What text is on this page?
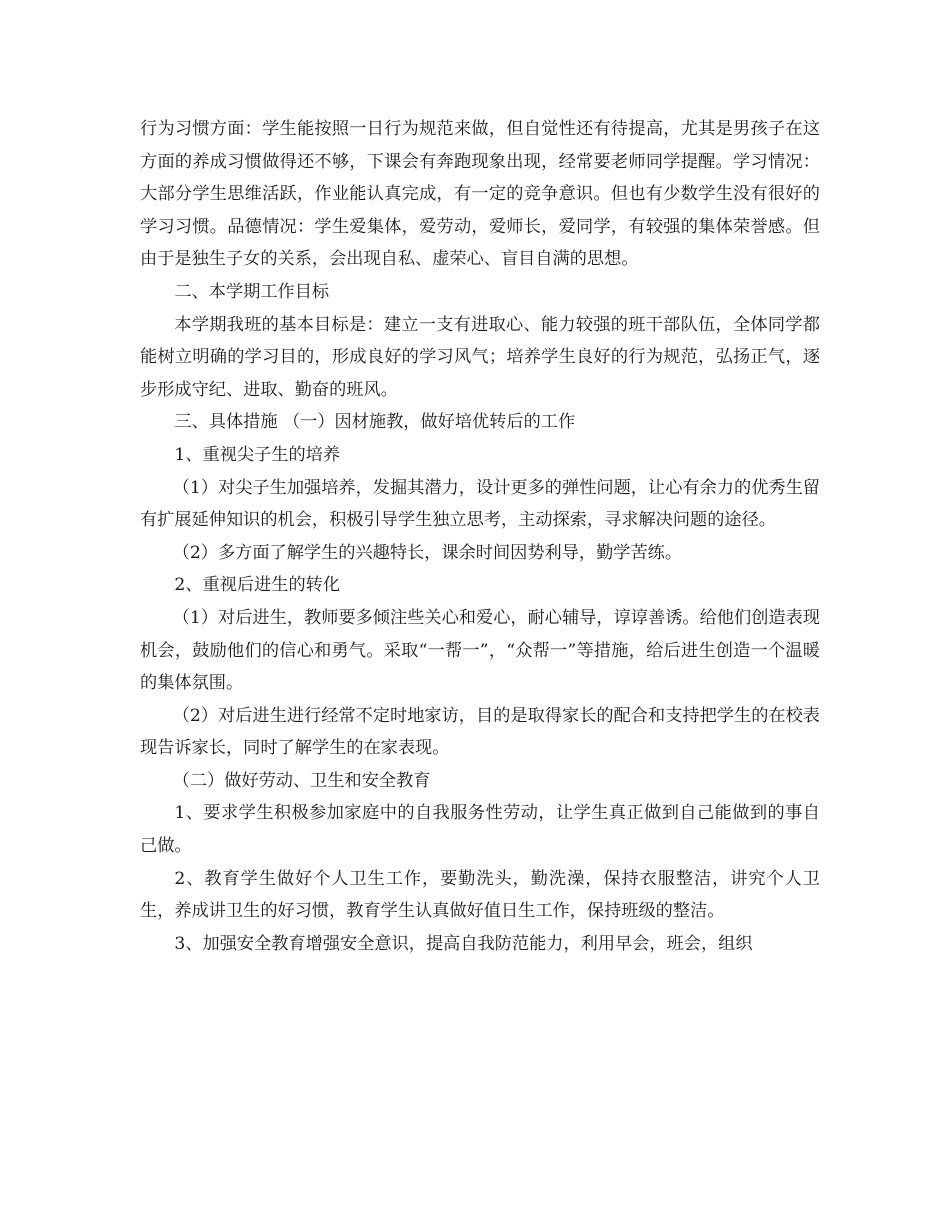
行为习惯方面：学生能按照一日行为规范来做，但自觉性还有待提高，尤其是男孩子在这方面的养成习惯做得还不够，下课会有奔跑现象出现，经常要老师同学提醒。学习情况：大部分学生思维活跃，作业能认真完成，有一定的竞争意识。但也有少数学生没有很好的学习习惯。品德情况：学生爱集体，爱劳动，爱师长，爱同学，有较强的集体荣誉感。但由于是独生子女的关系，会出现自私、虚荣心、盲目自满的思想。

二、本学期工作目标

本学期我班的基本目标是：建立一支有进取心、能力较强的班干部队伍，全体同学都能树立明确的学习目的，形成良好的学习风气；培养学生良好的行为规范，弘扬正气，逐步形成守纪、进取、勤奋的班风。

三、具体措施 （一）因材施教，做好培优转后的工作

1、重视尖子生的培养

（1）对尖子生加强培养，发掘其潜力，设计更多的弹性问题，让心有余力的优秀生留有扩展延伸知识的机会，积极引导学生独立思考，主动探索，寻求解决问题的途径。

（2）多方面了解学生的兴趣特长，课余时间因势利导，勤学苦练。

2、重视后进生的转化

（1）对后进生，教师要多倾注些关心和爱心，耐心辅导，谆谆善诱。给他们创造表现机会，鼓励他们的信心和勇气。采取“一帮一”，“众帮一”等措施，给后进生创造一个温暖的集体氛围。

（2）对后进生进行经常不定时地家访，目的是取得家长的配合和支持把学生的在校表现告诉家长，同时了解学生的在家表现。

（二）做好劳动、卫生和安全教育

1、要求学生积极参加家庭中的自我服务性劳动，让学生真正做到自己能做到的事自己做。

2、教育学生做好个人卫生工作，要勤洗头，勤洗澡，保持衣服整洁，讲究个人卫生，养成讲卫生的好习惯，教育学生认真做好值日生工作，保持班级的整洁。

3、加强安全教育增强安全意识，提高自我防范能力，利用早会，班会，组织
